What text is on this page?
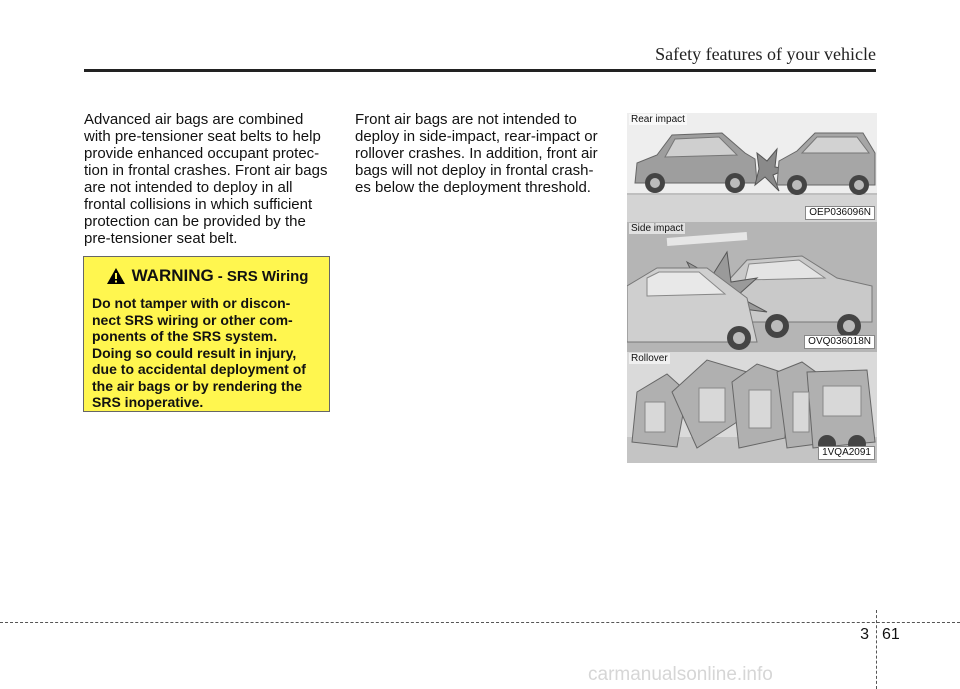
Safety features of your vehicle
Advanced air bags are combined
with pre-tensioner seat belts to help
provide enhanced occupant protec-
tion in frontal crashes. Front air bags
are not intended to deploy in all
frontal collisions in which sufficient
protection can be provided by the
pre-tensioner seat belt.
Front air bags are not intended to
deploy in side-impact, rear-impact or
rollover crashes. In addition, front air
bags will not deploy in frontal crash-
es below the deployment threshold.
WARNING - SRS Wiring
Do not tamper with or discon-
nect SRS wiring or other com-
ponents of the SRS system.
Doing so could result in injury,
due to accidental deployment of
the air bags or by rendering the
SRS inoperative.
Rear impact
OEP036096N
Side impact
OVQ036018N
Rollover
1VQA2091
3 61
carmanualsonline.info
